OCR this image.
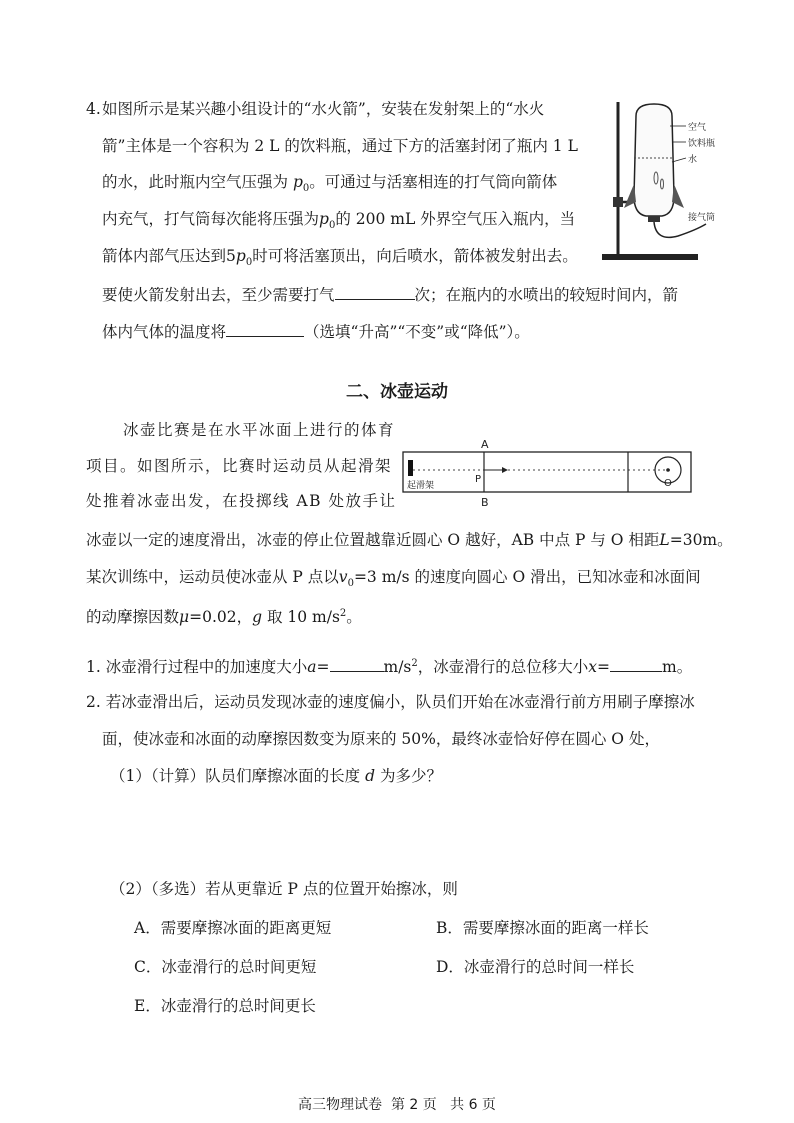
4. 如图所示是某兴趣小组设计的“水火箭”，安装在发射架上的“水火
箭”主体是一个容积为 2 L 的饮料瓶，通过下方的活塞封闭了瓶内 1 L
的水，此时瓶内空气压强为 $p_0$。可通过与活塞相连的打气筒向箭体
内充气，打气筒每次能将压强为$p_0$的 200 mL 外界空气压入瓶内，当
箭体内部气压达到$5p_0$时可将活塞顶出，向后喷水，箭体被发射出去。
要使火箭发射出去，至少需要打气	次；在瓶内的水喷出的较短时间内，箭
体内气体的温度将	（选填“升高”“不变”或“降低”）。
空气
饮料瓶
水
接气筒
二、冰壶运动
冰壶比赛是在水平冰面上进行的体育
项目。如图所示，比赛时运动员从起滑架
处推着冰壶出发，在投掷线 AB 处放手让
冰壶以一定的速度滑出，冰壶的停止位置越靠近圆心 O 越好，AB 中点 P 与 O 相距L=30m。
某次训练中，运动员使冰壶从 P 点以$v_0=3$ m/s 的速度向圆心 O 滑出，已知冰壶和冰面间
的动摩擦因数μ=0.02，g 取 10 $m/s^2$。
A
B
P	O
起滑架
1. 冰壶滑行过程中的加速度大小a=	$m/s^2$，冰壶滑行的总位移大小x=	m。
2. 若冰壶滑出后，运动员发现冰壶的速度偏小，队员们开始在冰壶滑行前方用刷子摩擦冰
面，使冰壶和冰面的动摩擦因数变为原来的 50%，最终冰壶恰好停在圆心 O 处，
（1）（计算）队员们摩擦冰面的长度 d 为多少？
（2）（多选）若从更靠近 P 点的位置开始擦冰，则
A．需要摩擦冰面的距离更短	B．需要摩擦冰面的距离一样长
C．冰壶滑行的总时间更短	D．冰壶滑行的总时间一样长
E．冰壶滑行的总时间更长
高三物理试卷 第 2 页 共 6 页
